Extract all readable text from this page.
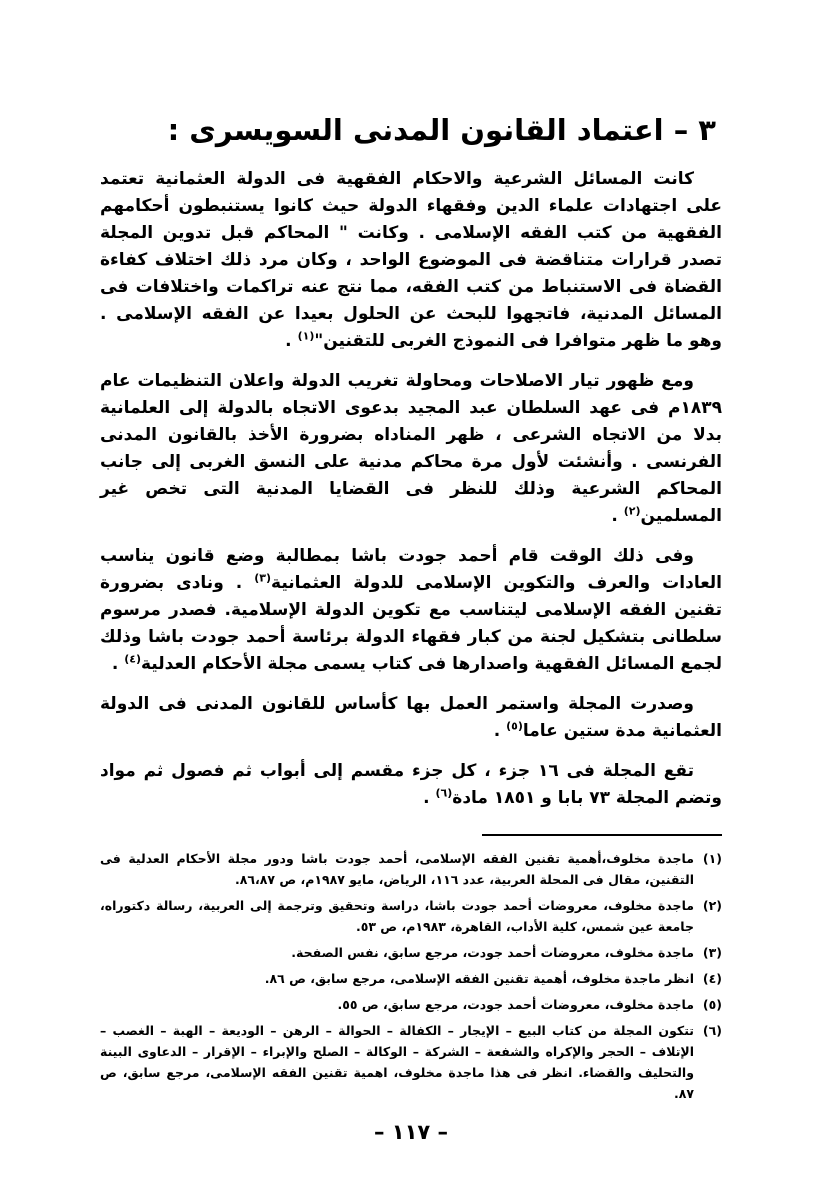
٣ – اعتماد القانون المدنى السويسرى :

كانت المسائل الشرعية والاحكام الفقهية فى الدولة العثمانية تعتمد على اجتهادات علماء الدين وفقهاء الدولة حيث كانوا يستنبطون أحكامهم الفقهية من كتب الفقه الإسلامى . وكانت " المحاكم قبل تدوين المجلة تصدر قرارات متناقضة فى الموضوع الواحد ، وكان مرد ذلك اختلاف كفاءة القضاة فى الاستنباط من كتب الفقه، مما نتج عنه تراكمات واختلافات فى المسائل المدنية، فاتجهوا للبحث عن الحلول بعيدا عن الفقه الإسلامى . وهو ما ظهر متوافرا فى النموذج الغربى للتقنين"$^{(١)}$ .

ومع ظهور تيار الاصلاحات ومحاولة تغريب الدولة واعلان التنظيمات عام ١٨٣٩م فى عهد السلطان عبد المجيد بدعوى الاتجاه بالدولة إلى العلمانية بدلا من الاتجاه الشرعى ، ظهر المناداه بضرورة الأخذ بالقانون المدنى الفرنسى . وأنشئت لأول مرة محاكم مدنية على النسق الغربى إلى جانب المحاكم الشرعية وذلك للنظر فى القضايا المدنية التى تخص غير المسلمين$^{(٢)}$ .

وفى ذلك الوقت قام أحمد جودت باشا بمطالبة وضع قانون يناسب العادات والعرف والتكوين الإسلامى للدولة العثمانية$^{(٣)}$ . ونادى بضرورة تقنين الفقه الإسلامى ليتناسب مع تكوين الدولة الإسلامية. فصدر مرسوم سلطانى بتشكيل لجنة من كبار فقهاء الدولة برئاسة أحمد جودت باشا وذلك لجمع المسائل الفقهية واصدارها فى كتاب يسمى مجلة الأحكام العدلية$^{(٤)}$ .

وصدرت المجلة واستمر العمل بها كأساس للقانون المدنى فى الدولة العثمانية مدة ستين عاما$^{(٥)}$ .

تقع المجلة فى ١٦ جزء ، كل جزء مقسم إلى أبواب ثم فصول ثم مواد وتضم المجلة ٧٣ بابا و ١٨٥١ مادة$^{(٦)}$ .

(١)
ماجدة مخلوف،أهمية تقنين الفقه الإسلامى، أحمد جودت باشا ودور مجلة الأحكام العدلية فى التقنين، مقال فى المحلة العربية، عدد ١١٦، الرياض، مايو ١٩٨٧م، ص ٨٦،٨٧.
(٢)
ماجدة مخلوف، معروضات أحمد جودت باشا، دراسة وتحقيق وترجمة إلى العربية، رسالة دكتوراه، جامعة عين شمس، كلية الأداب، القاهرة، ١٩٨٣م، ص ٥٣.
(٣)
ماجدة مخلوف، معروضات أحمد جودت، مرجع سابق، نفس الصفحة.
(٤)
انظر ماجدة مخلوف، أهمية تقنين الفقه الإسلامى، مرجع سابق، ص ٨٦.
(٥)
ماجدة مخلوف، معروضات أحمد جودت، مرجع سابق، ص ٥٥.
(٦)
تتكون المجلة من كتاب البيع – الإيجار – الكفالة – الحوالة – الرهن – الوديعة – الهبة – الغصب – الإتلاف – الحجر والإكراه والشفعة – الشركة – الوكالة – الصلح والإبراء – الإقرار – الدعاوى البينة والتحليف والقضاء. انظر فى هذا ماجدة مخلوف، اهمية تقنين الفقه الإسلامى، مرجع سابق، ص ٨٧.
– ١١٧ –
